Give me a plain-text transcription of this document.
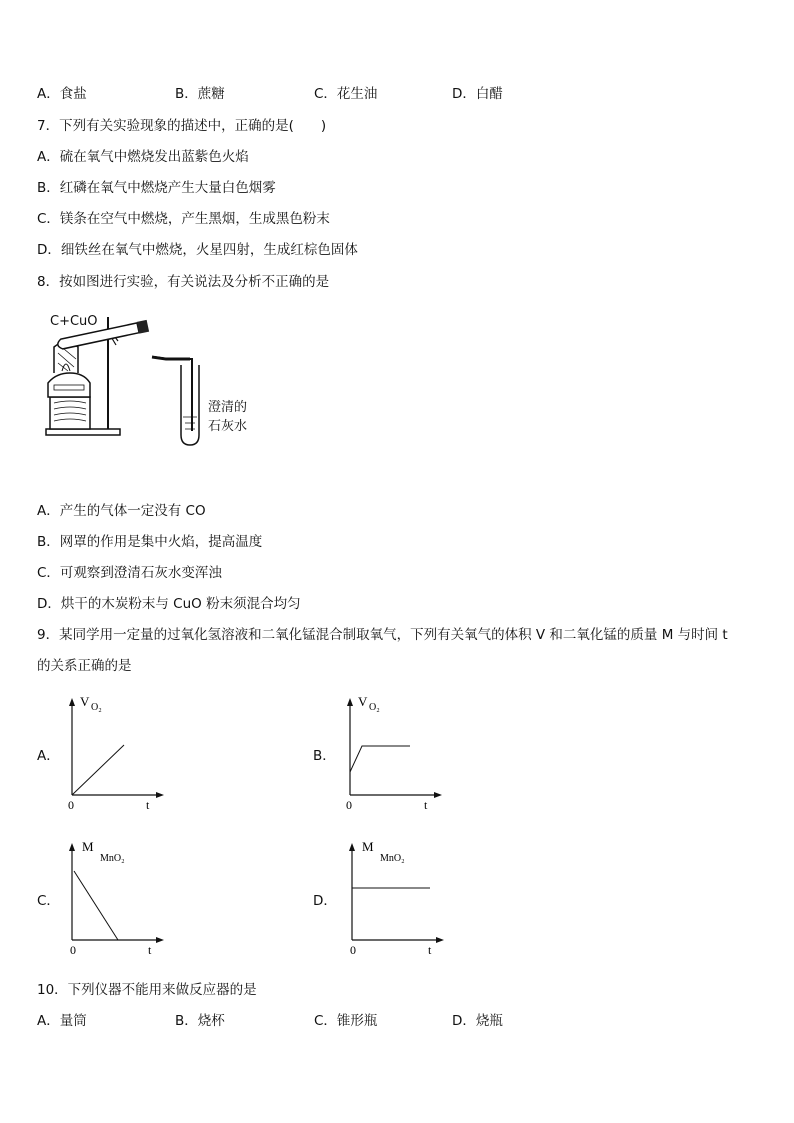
A．食盐	B．蔗糖	C．花生油	D．白醋
7．下列有关实验现象的描述中，正确的是(　　)
A．硫在氧气中燃烧发出蓝紫色火焰
B．红磷在氧气中燃烧产生大量白色烟雾
C．镁条在空气中燃烧，产生黑烟，生成黑色粉末
D．细铁丝在氧气中燃烧，火星四射，生成红棕色固体
8．按如图进行实验，有关说法及分析不正确的是
C+CuO
澄清的
石灰水
A．产生的气体一定没有 CO
B．网罩的作用是集中火焰，提高温度
C．可观察到澄清石灰水变浑浊
D．烘干的木炭粉末与 CuO 粉末须混合均匀
9．某同学用一定量的过氧化氢溶液和二氧化锰混合制取氧气，下列有关氧气的体积 V 和二氧化锰的质量 M 与时间 t
的关系正确的是
A．
V O₂
0	t
B．
V O₂
0	t
C．
M
MnO₂
0	t
D．
M
MnO₂
0	t
10．下列仪器不能用来做反应器的是
A．量筒	B．烧杯	C．锥形瓶	D．烧瓶
